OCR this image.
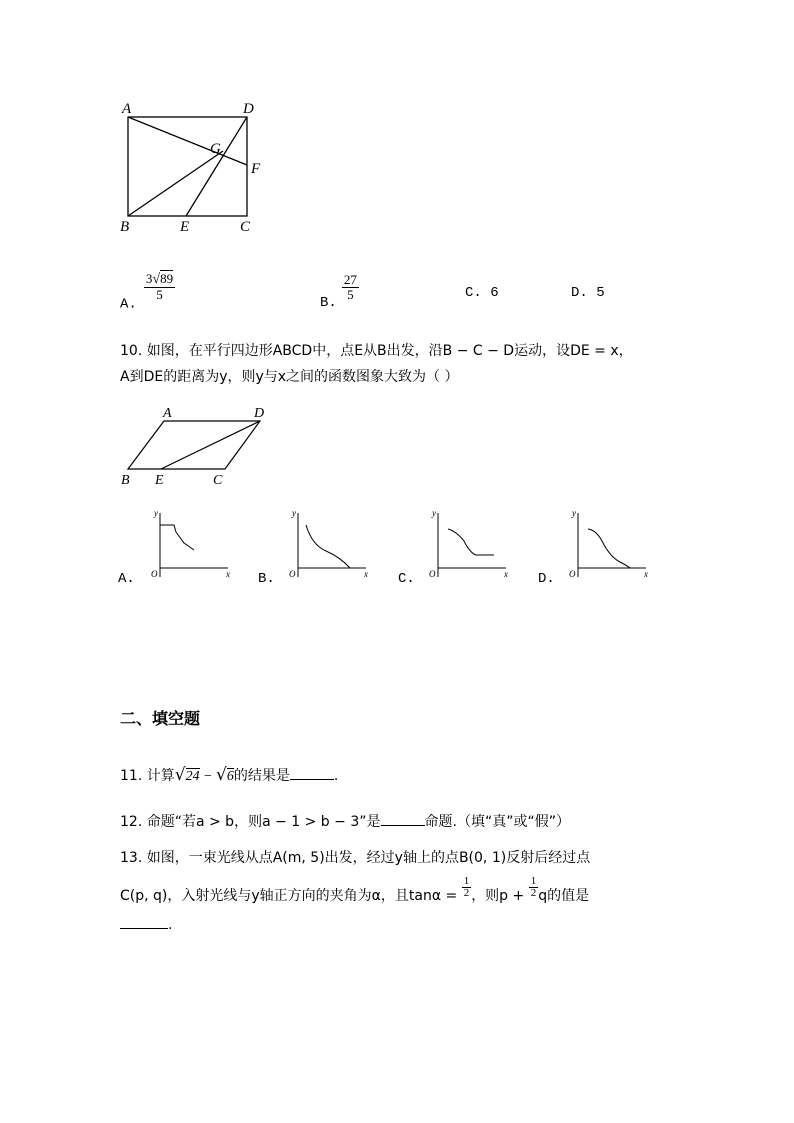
A	D
G
F
B	E	C
A.
$\frac{3√89}{5}$
B.
$\frac{27}{5}$	C. 6	D. 5
10. 如图，在平行四边形ABCD中，点E从B出发，沿B − C − D运动，设DE = x，
A到DE的距离为y，则y与x之间的函数图象大致为（ ）
A	D
B E	C
A.
y
x
O	B.
y
x
O	C.
y
x
O	D.
y
x
O
二、填空题
11. 计算√24 − √6的结果是	.
12. 命题“若a > b，则a − 1 > b − 3”是	命题.（填“真”或“假”）
13. 如图，一束光线从点A(m, 5)出发，经过y轴上的点B(0, 1)反射后经过点
C(p, q)，入射光线与y轴正方向的夹角为α，且$\tan\alpha = \frac{1}{2}$ ，则$p + \frac{1}{2}$ q的值是
.
